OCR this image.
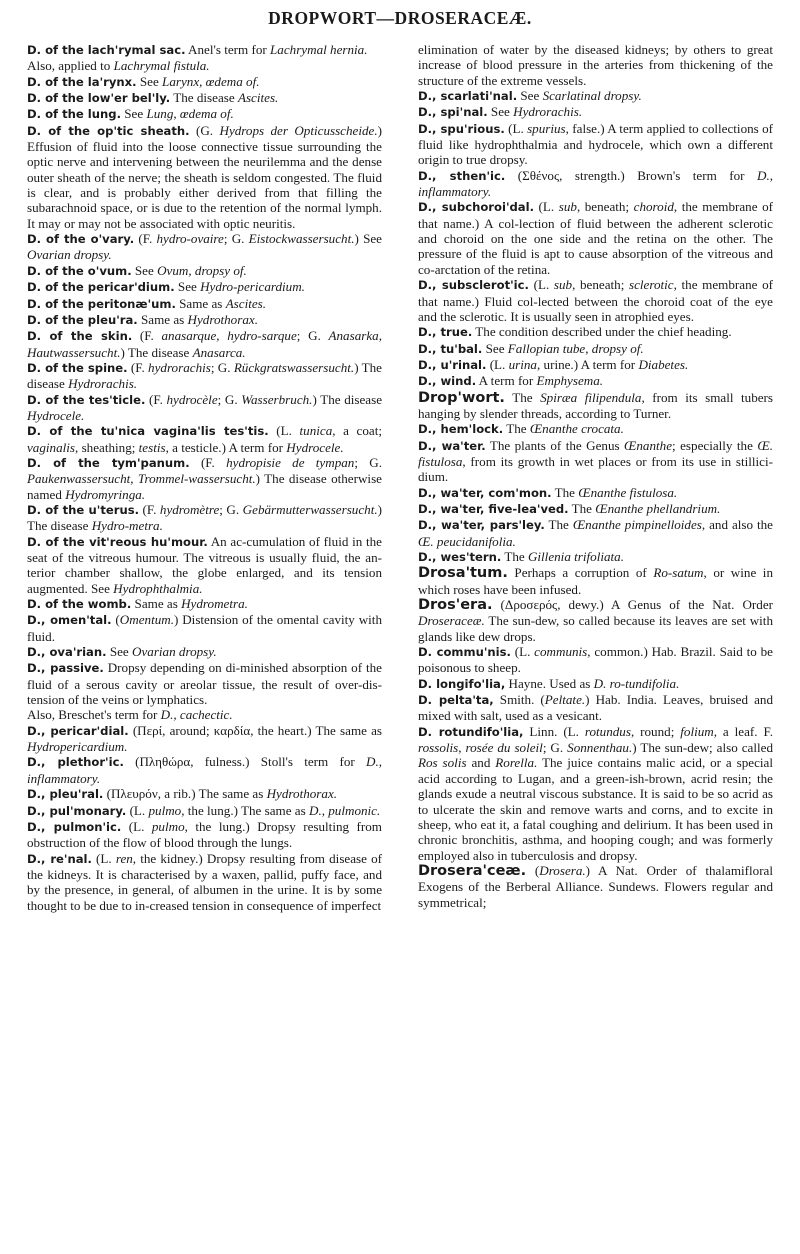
DROPWORT—DROSERACEÆ.

D. of the lach'rymal sac. Anel's term for Lachrymal hernia.

Also, applied to Lachrymal fistula.

D. of the la'rynx. See Larynx, œdema of.

D. of the low'er bel'ly. The disease Ascites.

D. of the lung. See Lung, œdema of.

D. of the op'tic sheath. (G. Hydrops der Opticusscheide.) Effusion of fluid into the loose connective tissue surrounding the optic nerve and intervening between the neurilemma and the dense outer sheath of the nerve; the sheath is seldom congested. The fluid is clear, and is probably either derived from that filling the subarachnoid space, or is due to the retention of the normal lymph. It may or may not be associated with optic neuritis.

D. of the o'vary. (F. hydro-ovaire; G. Eistockwassersucht.) See Ovarian dropsy.

D. of the o'vum. See Ovum, dropsy of.

D. of the pericar'dium. See Hydro-pericardium.

D. of the peritonæ'um. Same as Ascites.

D. of the pleu'ra. Same as Hydrothorax.

D. of the skin. (F. anasarque, hydro-sarque; G. Anasarka, Hautwassersucht.) The disease Anasarca.

D. of the spine. (F. hydrorachis; G. Rückgratswassersucht.) The disease Hydrorachis.

D. of the tes'ticle. (F. hydrocèle; G. Wasserbruch.) The disease Hydrocele.

D. of the tu'nica vagina'lis tes'tis. (L. tunica, a coat; vaginalis, sheathing; testis, a testicle.) A term for Hydrocele.

D. of the tym'panum. (F. hydropisie de tympan; G. Paukenwassersucht, Trommel-wassersucht.) The disease otherwise named Hydromyringa.

D. of the u'terus. (F. hydromètre; G. Gebärmutterwassersucht.) The disease Hydro-metra.

D. of the vit'reous hu'mour. An ac-cumulation of fluid in the seat of the vitreous humour. The vitreous is usually fluid, the an-terior chamber shallow, the globe enlarged, and its tension augmented. See Hydrophthalmia.

D. of the womb. Same as Hydrometra.

D., omen'tal. (Omentum.) Distension of the omental cavity with fluid.

D., ova'rian. See Ovarian dropsy.

D., passive. Dropsy depending on di-minished absorption of the fluid of a serous cavity or areolar tissue, the result of over-dis-tension of the veins or lymphatics.

Also, Breschet's term for D., cachectic.

D., pericar'dial. (Περί, around; καρδία, the heart.) The same as Hydropericardium.

D., plethor'ic. (Πληθώρα, fulness.) Stoll's term for D., inflammatory.

D., pleu'ral. (Πλευρόν, a rib.) The same as Hydrothorax.

D., pul'monary. (L. pulmo, the lung.) The same as D., pulmonic.

D., pulmon'ic. (L. pulmo, the lung.) Dropsy resulting from obstruction of the flow of blood through the lungs.

D., re'nal. (L. ren, the kidney.) Dropsy resulting from disease of the kidneys. It is characterised by a waxen, pallid, puffy face, and by the presence, in general, of albumen in the urine. It is by some thought to be due to in-creased tension in consequence of imperfect

elimination of water by the diseased kidneys; by others to great increase of blood pressure in the arteries from thickening of the structure of the extreme vessels.

D., scarlati'nal. See Scarlatinal dropsy.

D., spi'nal. See Hydrorachis.

D., spu'rious. (L. spurius, false.) A term applied to collections of fluid like hydrophthalmia and hydrocele, which own a different origin to true dropsy.

D., sthen'ic. (Σθένος, strength.) Brown's term for D., inflammatory.

D., subchoroi'dal. (L. sub, beneath; choroid, the membrane of that name.) A col-lection of fluid between the adherent sclerotic and choroid on the one side and the retina on the other. The pressure of the fluid is apt to cause absorption of the vitreous and co-arctation of the retina.

D., subsclerot'ic. (L. sub, beneath; sclerotic, the membrane of that name.) Fluid col-lected between the choroid coat of the eye and the sclerotic. It is usually seen in atrophied eyes.

D., true. The condition described under the chief heading.

D., tu'bal. See Fallopian tube, dropsy of.

D., u'rinal. (L. urina, urine.) A term for Diabetes.

D., wind. A term for Emphysema.

Drop'wort. The Spiræa filipendula, from its small tubers hanging by slender threads, according to Turner.

D., hem'lock. The Œnanthe crocata.

D., wa'ter. The plants of the Genus Œnanthe; especially the Œ. fistulosa, from its growth in wet places or from its use in stillici-dium.

D., wa'ter, com'mon. The Œnanthe fistulosa.

D., wa'ter, five-lea'ved. The Œnanthe phellandrium.

D., wa'ter, pars'ley. The Œnanthe pimpinelloides, and also the Œ. peucidanifolia.

D., wes'tern. The Gillenia trifoliata.

Drosa'tum. Perhaps a corruption of Ro-satum, or wine in which roses have been infused.

Dros'era. (Δροσερός, dewy.) A Genus of the Nat. Order Droseraceæ. The sun-dew, so called because its leaves are set with glands like dew drops.

D. commu'nis. (L. communis, common.) Hab. Brazil. Said to be poisonous to sheep.

D. longifo'lia, Hayne. Used as D. ro-tundifolia.

D. pelta'ta, Smith. (Peltate.) Hab. India. Leaves, bruised and mixed with salt, used as a vesicant.

D. rotundifo'lia, Linn. (L. rotundus, round; folium, a leaf. F. rossolis, rosée du soleil; G. Sonnenthau.) The sun-dew; also called Ros solis and Rorella. The juice contains malic acid, or a special acid according to Lugan, and a green-ish-brown, acrid resin; the glands exude a neutral viscous substance. It is said to be so acrid as to ulcerate the skin and remove warts and corns, and to excite in sheep, who eat it, a fatal coughing and delirium. It has been used in chronic bronchitis, asthma, and hooping cough; and was formerly employed also in tuberculosis and dropsy.

Drosera'ceæ. (Drosera.) A Nat. Order of thalamifloral Exogens of the Berberal Alliance. Sundews. Flowers regular and symmetrical;
